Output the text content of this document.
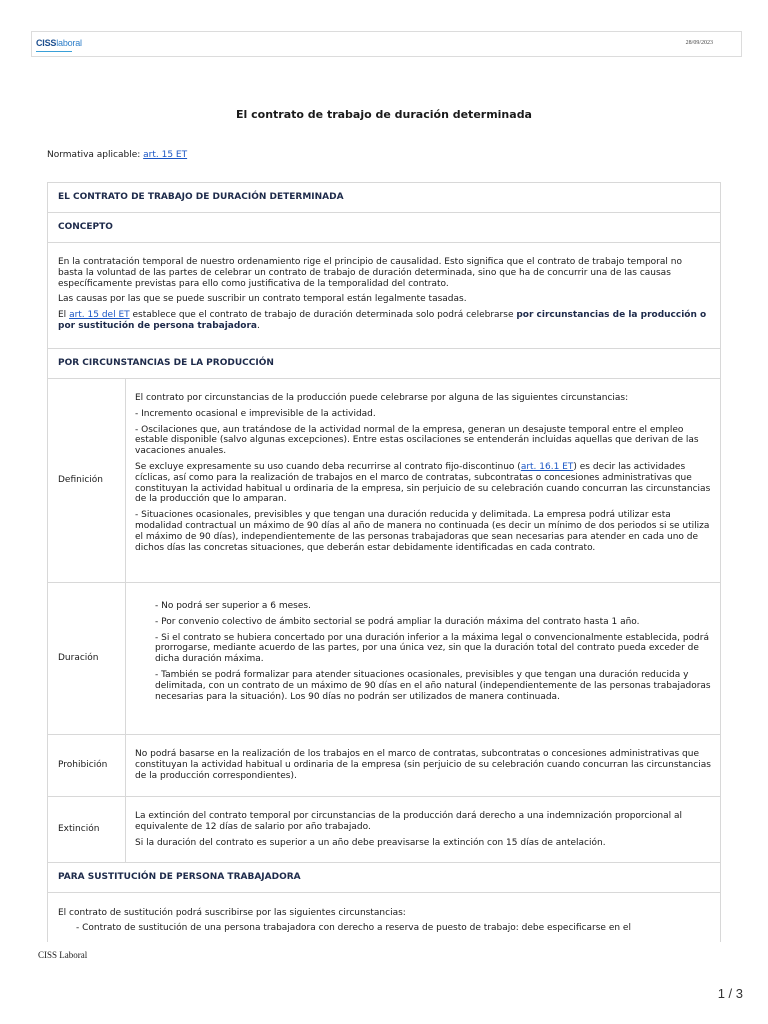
CISSlaboral	28/09/2023
El contrato de trabajo de duración determinada
Normativa aplicable: art. 15 ET
EL CONTRATO DE TRABAJO DE DURACIÓN DETERMINADA
CONCEPTO

En la contratación temporal de nuestro ordenamiento rige el principio de causalidad. Esto significa que el contrato de trabajo temporal no basta la voluntad de las partes de celebrar un contrato de trabajo de duración determinada, sino que ha de concurrir una de las causas específicamente previstas para ello como justificativa de la temporalidad del contrato.

Las causas por las que se puede suscribir un contrato temporal están legalmente tasadas.

El art. 15 del ET establece que el contrato de trabajo de duración determinada solo podrá celebrarse por circunstancias de la producción o por sustitución de persona trabajadora.

POR CIRCUNSTANCIAS DE LA PRODUCCIÓN
Definición

El contrato por circunstancias de la producción puede celebrarse por alguna de las siguientes circunstancias:

- Incremento ocasional e imprevisible de la actividad.

- Oscilaciones que, aun tratándose de la actividad normal de la empresa, generan un desajuste temporal entre el empleo estable disponible (salvo algunas excepciones). Entre estas oscilaciones se entenderán incluidas aquellas que derivan de las vacaciones anuales.

Se excluye expresamente su uso cuando deba recurrirse al contrato fijo-discontinuo (art. 16.1 ET) es decir las actividades cíclicas, así como para la realización de trabajos en el marco de contratas, subcontratas o concesiones administrativas que constituyan la actividad habitual u ordinaria de la empresa, sin perjuicio de su celebración cuando concurran las circunstancias de la producción que lo amparan.

- Situaciones ocasionales, previsibles y que tengan una duración reducida y delimitada. La empresa podrá utilizar esta modalidad contractual un máximo de 90 días al año de manera no continuada (es decir un mínimo de dos periodos si se utiliza el máximo de 90 días), independientemente de las personas trabajadoras que sean necesarias para atender en cada uno de dichos días las concretas situaciones, que deberán estar debidamente identificadas en cada contrato.

Duración

- No podrá ser superior a 6 meses.

- Por convenio colectivo de ámbito sectorial se podrá ampliar la duración máxima del contrato hasta 1 año.

- Si el contrato se hubiera concertado por una duración inferior a la máxima legal o convencionalmente establecida, podrá prorrogarse, mediante acuerdo de las partes, por una única vez, sin que la duración total del contrato pueda exceder de dicha duración máxima.

- También se podrá formalizar para atender situaciones ocasionales, previsibles y que tengan una duración reducida y delimitada, con un contrato de un máximo de 90 días en el año natural (independientemente de las personas trabajadoras necesarias para la situación). Los 90 días no podrán ser utilizados de manera continuada.

Prohibición

No podrá basarse en la realización de los trabajos en el marco de contratas, subcontratas o concesiones administrativas que constituyan la actividad habitual u ordinaria de la empresa (sin perjuicio de su celebración cuando concurran las circunstancias de la producción correspondientes).

Extinción

La extinción del contrato temporal por circunstancias de la producción dará derecho a una indemnización proporcional al equivalente de 12 días de salario por año trabajado.

Si la duración del contrato es superior a un año debe preavisarse la extinción con 15 días de antelación.

PARA SUSTITUCIÓN DE PERSONA TRABAJADORA

El contrato de sustitución podrá suscribirse por las siguientes circunstancias:

- Contrato de sustitución de una persona trabajadora con derecho a reserva de puesto de trabajo: debe especificarse en el

CISS Laboral
1 / 3
